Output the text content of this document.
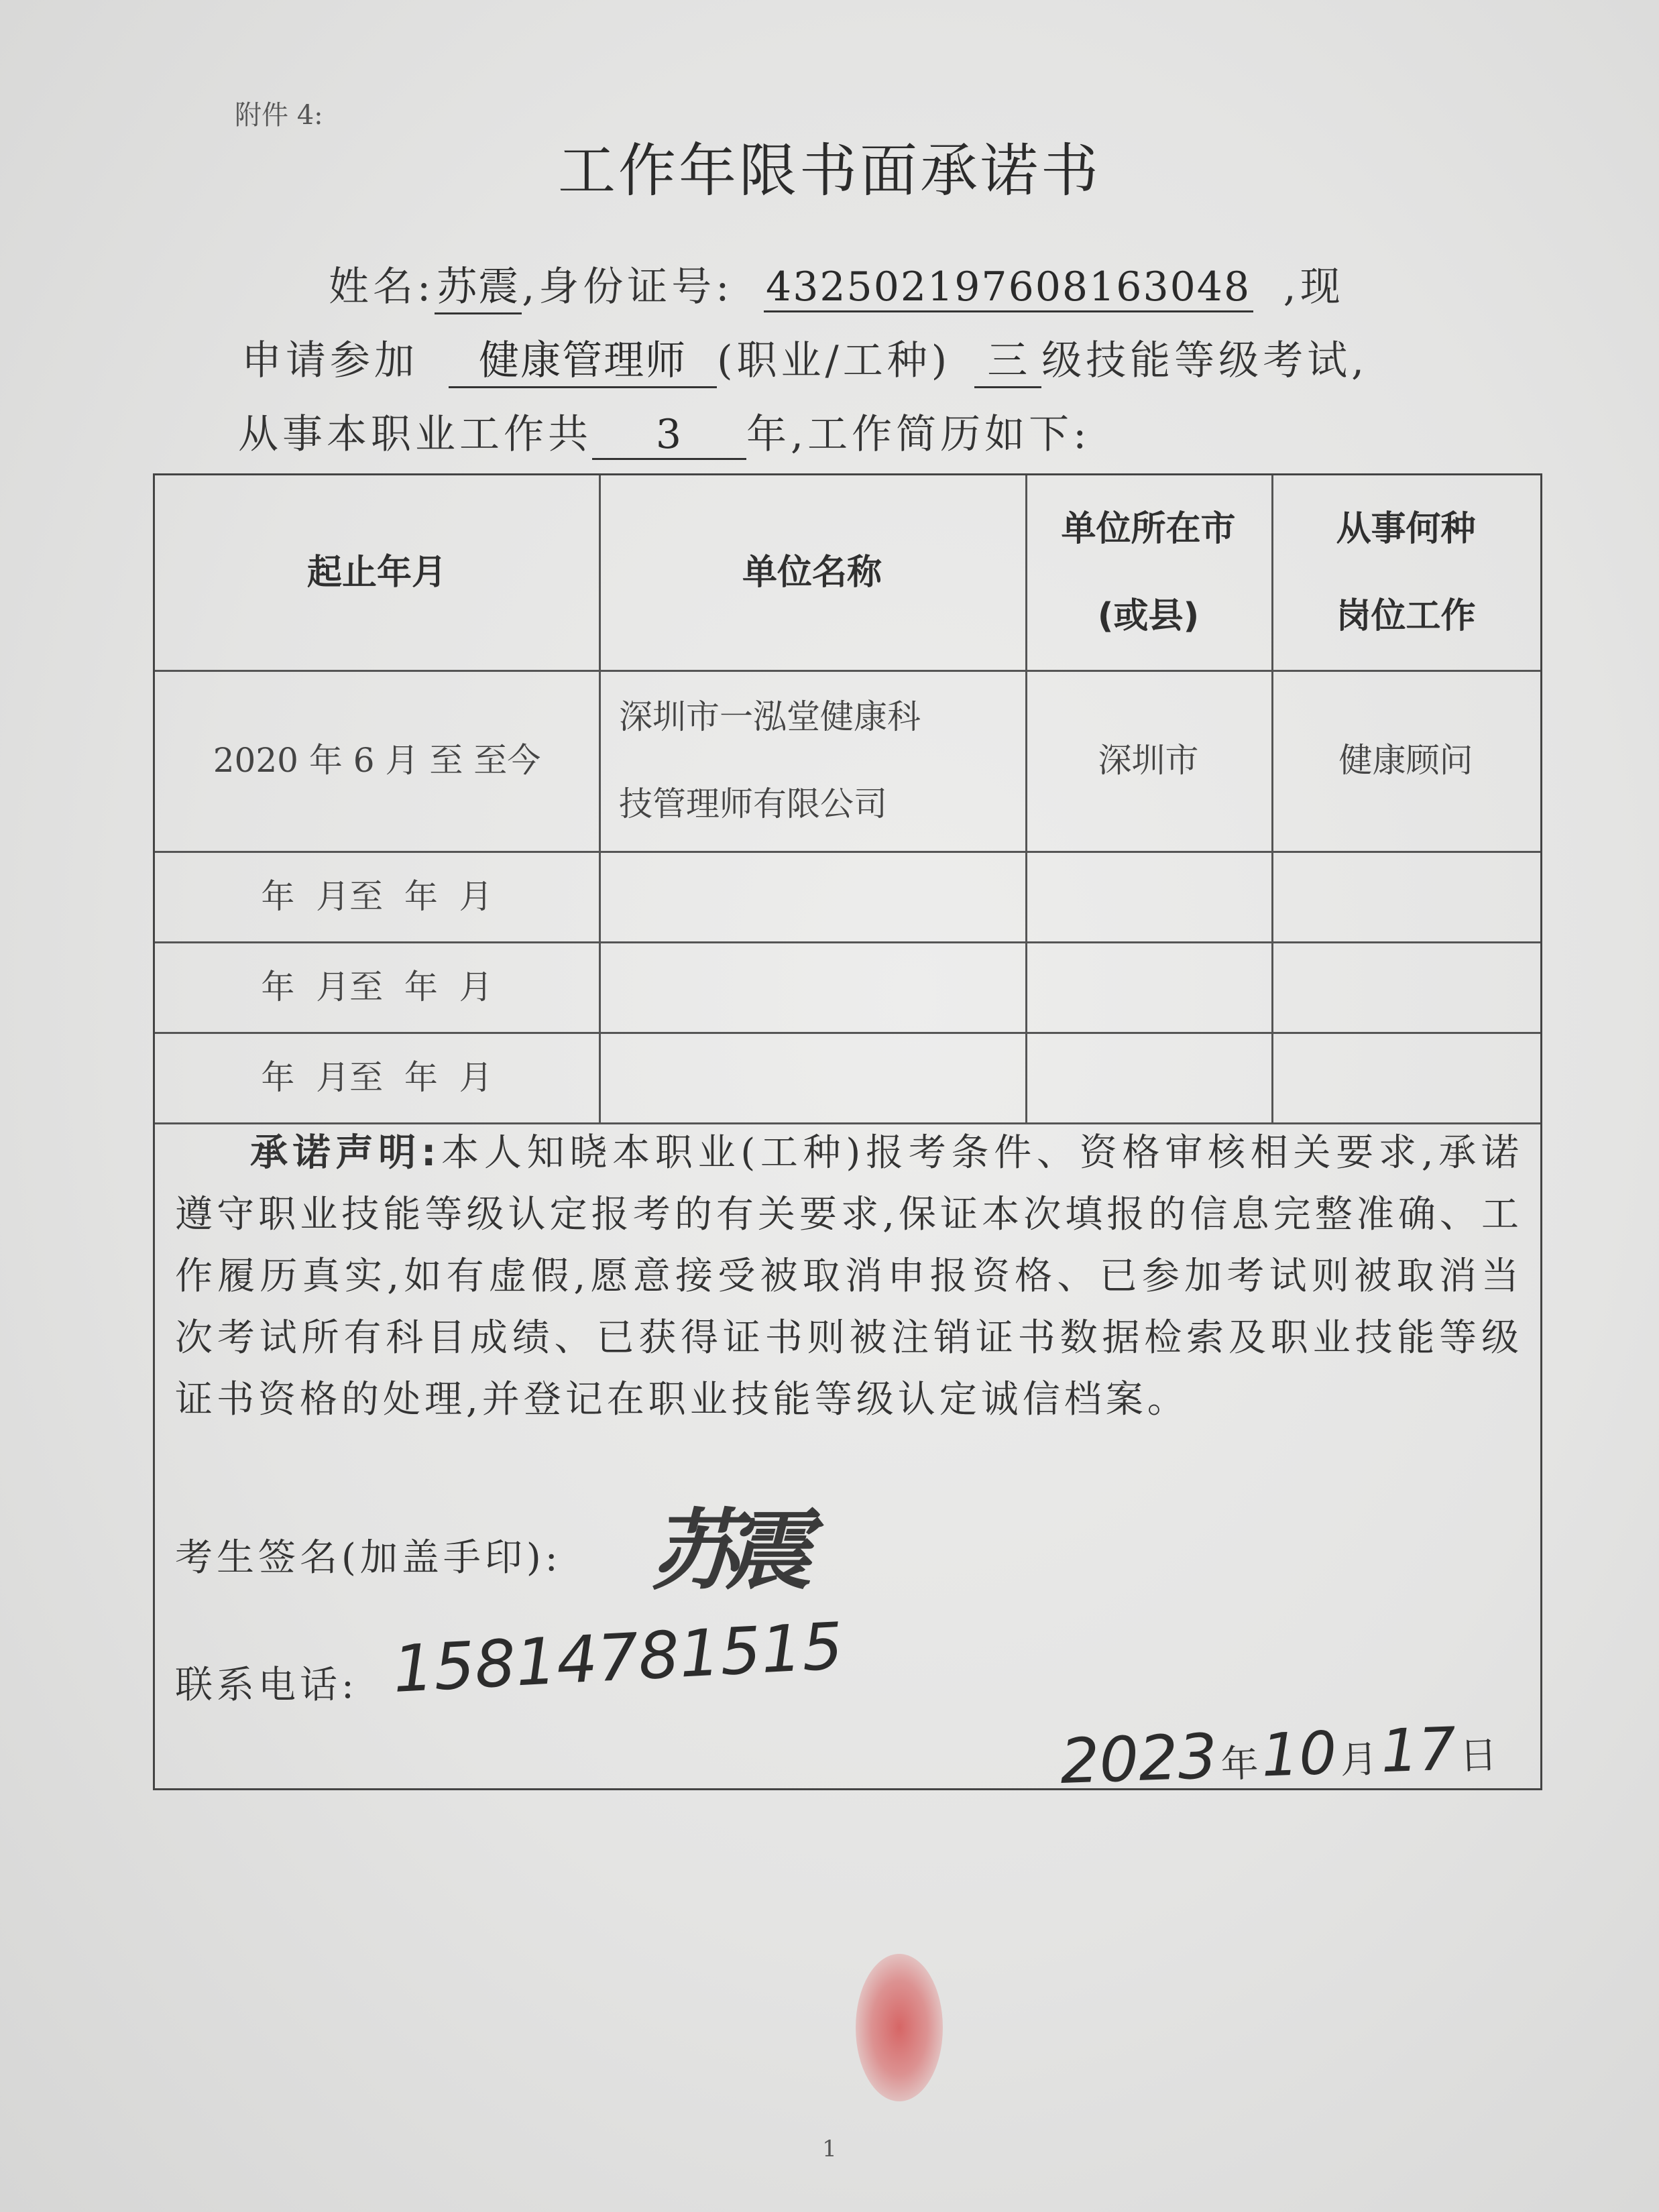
附件 4:
工作年限书面承诺书
姓名:苏震,身份证号: 432502197608163048 ,现
申请参加 健康管理师 (职业/工种) 三 级技能等级考试,
从事本职业工作共 3 年,工作简历如下:
起止年月	单位名称
单位所在市
(或县)
从事何种
岗位工作
2020 年 6 月 至 至今
深圳市一泓堂健康科
技管理师有限公司
深圳市	健康顾问
年  月至  年  月
年  月至  年  月
年  月至  年  月
承诺声明:本人知晓本职业(工种)报考条件、资格审核相关要求,承诺遵守职业技能等级认定报考的有关要求,保证本次填报的信息完整准确、工作履历真实,如有虚假,愿意接受被取消申报资格、已参加考试则被取消当次考试所有科目成绩、已获得证书则被注销证书数据检索及职业技能等级证书资格的处理,并登记在职业技能等级认定诚信档案。
考生签名(加盖手印): 苏震
联系电话: 15814781515
2023 年 10 月 17 日
1
